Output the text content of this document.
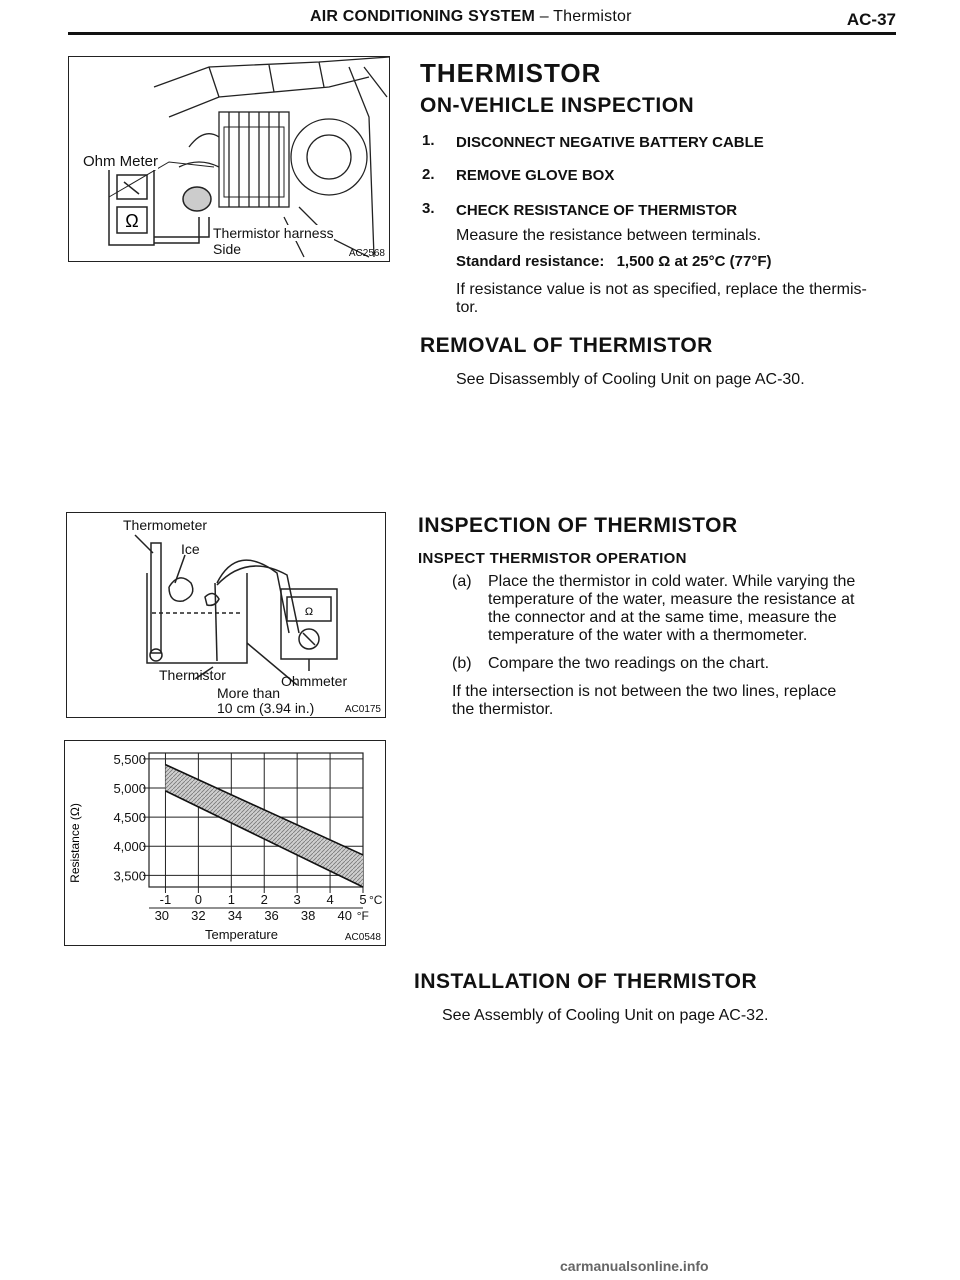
AIR CONDITIONING SYSTEM – Thermistor	AC-37
Ω
Ohm Meter
Thermistor harness
Side	AC2568
THERMISTOR
ON-VEHICLE INSPECTION
1. DISCONNECT NEGATIVE BATTERY CABLE
2. REMOVE GLOVE BOX
3. CHECK RESISTANCE OF THERMISTOR
Measure the resistance between terminals.
Standard resistance: 1,500 Ω at 25°C (77°F)
If resistance value is not as specified, replace the thermis-
tor.
REMOVAL OF THERMISTOR
See Disassembly of Cooling Unit on page AC-30.
Ω
Thermometer
Ice
Thermistor	Ohmmeter
More than
10 cm (3.94 in.)	AC0175
INSPECTION OF THERMISTOR
INSPECT THERMISTOR OPERATION
(a) Place the thermistor in cold water. While varying the
temperature of the water, measure the resistance at
the connector and at the same time, measure the
temperature of the water with a thermometer.
(b) Compare the two readings on the chart.
If the intersection is not between the two lines, replace
the thermistor.
Resistance (Ω)
5,500
5,000
4,500
4,000
3,500
-1 0 1 2 3 4 5 °C
30 32 34 36 38 40 °F
Temperature	AC0548
INSTALLATION OF THERMISTOR
See Assembly of Cooling Unit on page AC-32.
carmanualsonline.info
